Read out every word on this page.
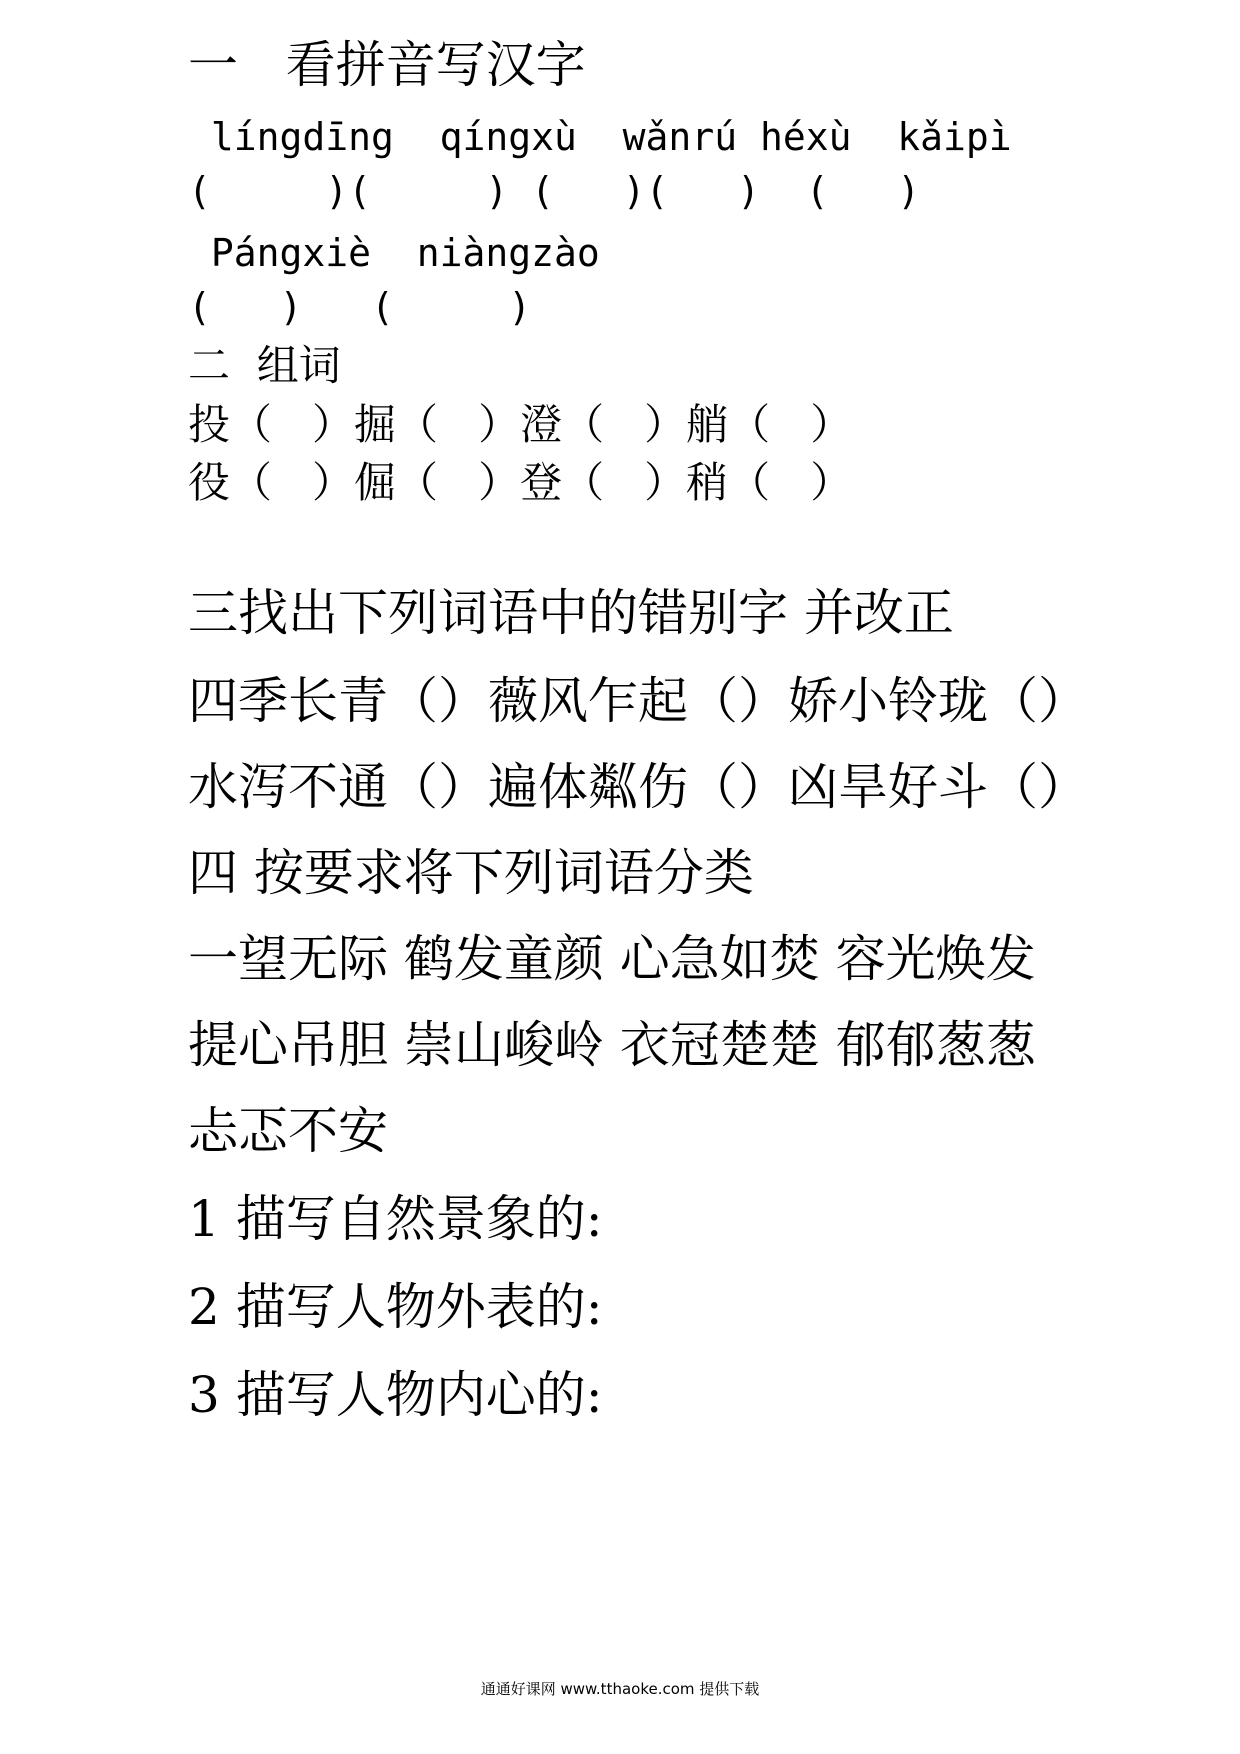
一   看拼音写汉字
língdīng  qíngxù  wǎnrú héxù  kǎipì
(     )(     ) (   )(   )  (   )
Pángxiè  niàngzào
(   )   (     )
二  组词
投（   ）掘（   ）澄（   ）艄（   ）
役（   ）倔（   ）登（   ）稍（   ）
三找出下列词语中的错别字 并改正
四季长青（）薇风乍起（）娇小铃珑（）
水泻不通（）遍体粼伤（）凶旱好斗（）
四 按要求将下列词语分类
一望无际 鹤发童颜 心急如焚 容光焕发
提心吊胆 崇山峻岭 衣冠楚楚 郁郁葱葱
忐忑不安
1 描写自然景象的:
2 描写人物外表的:
3 描写人物内心的:
通通好课网 www.tthaoke.com 提供下载
